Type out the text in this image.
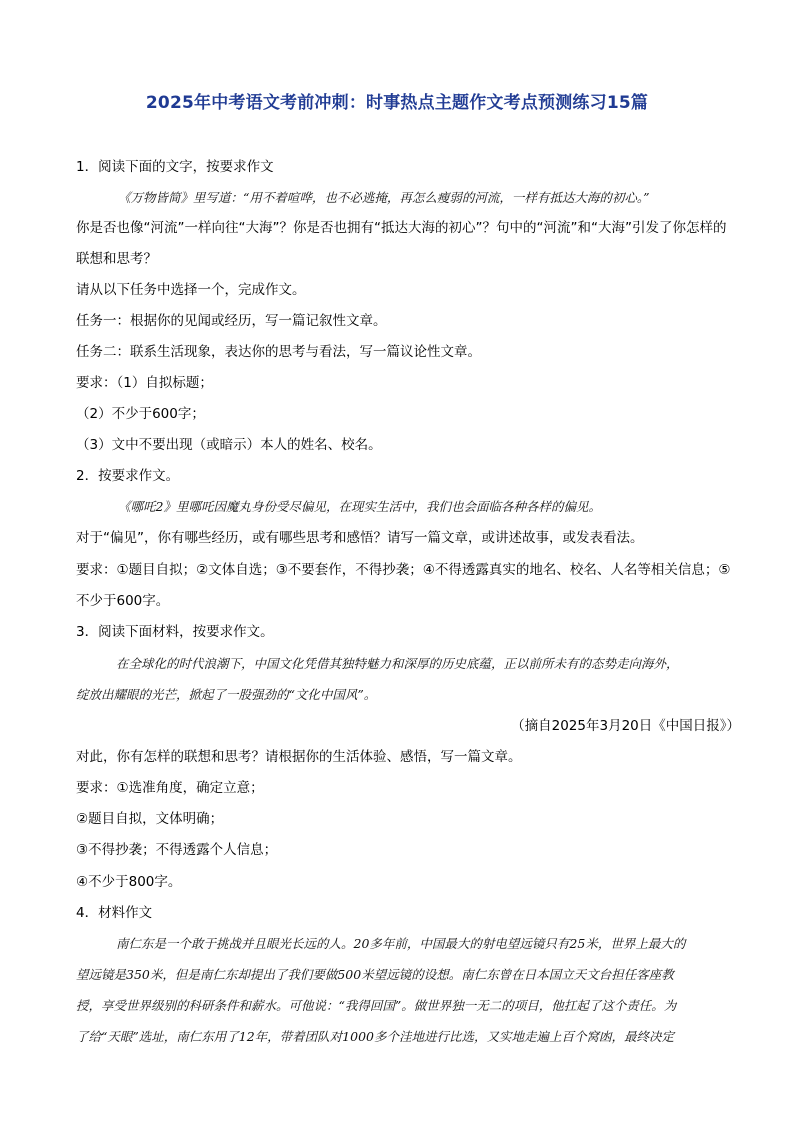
2025年中考语文考前冲刺：时事热点主题作文考点预测练习15篇
1．阅读下面的文字，按要求作文
《万物皆简》里写道：“用不着喧哗，也不必逃掩，再怎么瘦弱的河流，一样有抵达大海的初心。”
你是否也像“河流”一样向往“大海”？你是否也拥有“抵达大海的初心”？句中的“河流”和“大海”引发了你怎样的
联想和思考？
请从以下任务中选择一个，完成作文。
任务一：根据你的见闻或经历，写一篇记叙性文章。
任务二：联系生活现象，表达你的思考与看法，写一篇议论性文章。
要求：（1）自拟标题；
（2）不少于600字；
（3）文中不要出现（或暗示）本人的姓名、校名。
2．按要求作文。
《哪吒2》里哪吒因魔丸身份受尽偏见，在现实生活中，我们也会面临各种各样的偏见。
对于“偏见”，你有哪些经历，或有哪些思考和感悟？请写一篇文章，或讲述故事，或发表看法。
要求：①题目自拟；②文体自选；③不要套作，不得抄袭；④不得透露真实的地名、校名、人名等相关信息；⑤
不少于600字。
3．阅读下面材料，按要求作文。
在全球化的时代浪潮下，中国文化凭借其独特魅力和深厚的历史底蕴，正以前所未有的态势走向海外，
绽放出耀眼的光芒，掀起了一股强劲的“文化中国风”。
（摘自2025年3月20日《中国日报》）
对此，你有怎样的联想和思考？请根据你的生活体验、感悟，写一篇文章。
要求：①选准角度，确定立意；
②题目自拟，文体明确；
③不得抄袭；不得透露个人信息；
④不少于800字。
4．材料作文
南仁东是一个敢于挑战并且眼光长远的人。20多年前，中国最大的射电望远镜只有25米，世界上最大的
望远镜是350米，但是南仁东却提出了我们要做500米望远镜的设想。南仁东曾在日本国立天文台担任客座教
授，享受世界级别的科研条件和薪水。可他说：“我得回国”。做世界独一无二的项目，他扛起了这个责任。为
了给“天眼”选址，南仁东用了12年，带着团队对1000多个洼地进行比选，又实地走遍上百个窝凼，最终决定
